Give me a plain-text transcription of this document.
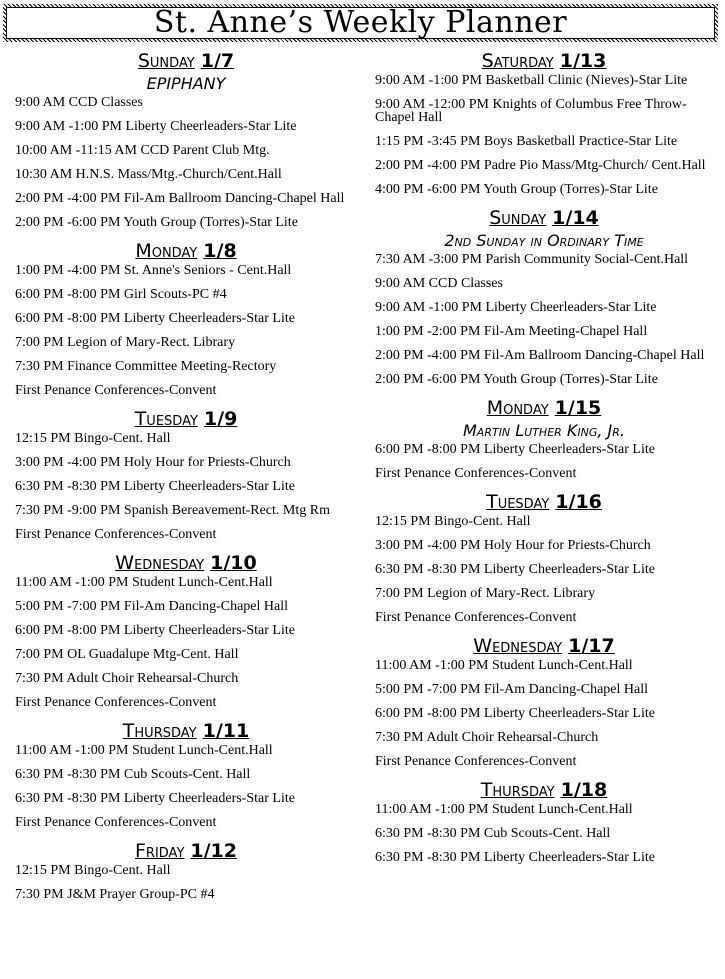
St. Anne’s Weekly Planner
Sunday 1/7
EPIPHANY
9:00 AM CCD Classes
9:00 AM -1:00 PM Liberty Cheerleaders-Star Lite
10:00 AM -11:15 AM CCD Parent Club Mtg.
10:30 AM H.N.S. Mass/Mtg.-Church/Cent.Hall
2:00 PM -4:00 PM Fil-Am Ballroom Dancing-Chapel Hall
2:00 PM -6:00 PM Youth Group (Torres)-Star Lite
Monday 1/8
1:00 PM -4:00 PM St. Anne's Seniors - Cent.Hall
6:00 PM -8:00 PM Girl Scouts-PC #4
6:00 PM -8:00 PM Liberty Cheerleaders-Star Lite
7:00 PM Legion of Mary-Rect. Library
7:30 PM Finance Committee Meeting-Rectory
First Penance Conferences-Convent
Tuesday 1/9
12:15 PM Bingo-Cent. Hall
3:00 PM -4:00 PM Holy Hour for Priests-Church
6:30 PM -8:30 PM Liberty Cheerleaders-Star Lite
7:30 PM -9:00 PM Spanish Bereavement-Rect. Mtg Rm
First Penance Conferences-Convent
Wednesday 1/10
11:00 AM -1:00 PM Student Lunch-Cent.Hall
5:00 PM -7:00 PM Fil-Am Dancing-Chapel Hall
6:00 PM -8:00 PM Liberty Cheerleaders-Star Lite
7:00 PM OL Guadalupe Mtg-Cent. Hall
7:30 PM Adult Choir Rehearsal-Church
First Penance Conferences-Convent
Thursday 1/11
11:00 AM -1:00 PM Student Lunch-Cent.Hall
6:30 PM -8:30 PM Cub Scouts-Cent. Hall
6:30 PM -8:30 PM Liberty Cheerleaders-Star Lite
First Penance Conferences-Convent
Friday 1/12
12:15 PM Bingo-Cent. Hall
7:30 PM J&M Prayer Group-PC #4
Saturday 1/13
9:00 AM -1:00 PM Basketball Clinic (Nieves)-Star Lite
9:00 AM -12:00 PM Knights of Columbus Free Throw- Chapel Hall
1:15 PM -3:45 PM Boys Basketball Practice-Star Lite
2:00 PM -4:00 PM Padre Pio Mass/Mtg-Church/ Cent.Hall
4:00 PM -6:00 PM Youth Group (Torres)-Star Lite
Sunday 1/14
2nd Sunday in Ordinary Time
7:30 AM -3:00 PM Parish Community Social-Cent.Hall
9:00 AM CCD Classes
9:00 AM -1:00 PM Liberty Cheerleaders-Star Lite
1:00 PM -2:00 PM Fil-Am Meeting-Chapel Hall
2:00 PM -4:00 PM Fil-Am Ballroom Dancing-Chapel Hall
2:00 PM -6:00 PM Youth Group (Torres)-Star Lite
Monday 1/15
Martin Luther King, Jr.
6:00 PM -8:00 PM Liberty Cheerleaders-Star Lite
First Penance Conferences-Convent
Tuesday 1/16
12:15 PM Bingo-Cent. Hall
3:00 PM -4:00 PM Holy Hour for Priests-Church
6:30 PM -8:30 PM Liberty Cheerleaders-Star Lite
7:00 PM Legion of Mary-Rect. Library
First Penance Conferences-Convent
Wednesday 1/17
11:00 AM -1:00 PM Student Lunch-Cent.Hall
5:00 PM -7:00 PM Fil-Am Dancing-Chapel Hall
6:00 PM -8:00 PM Liberty Cheerleaders-Star Lite
7:30 PM Adult Choir Rehearsal-Church
First Penance Conferences-Convent
Thursday 1/18
11:00 AM -1:00 PM Student Lunch-Cent.Hall
6:30 PM -8:30 PM Cub Scouts-Cent. Hall
6:30 PM -8:30 PM Liberty Cheerleaders-Star Lite
